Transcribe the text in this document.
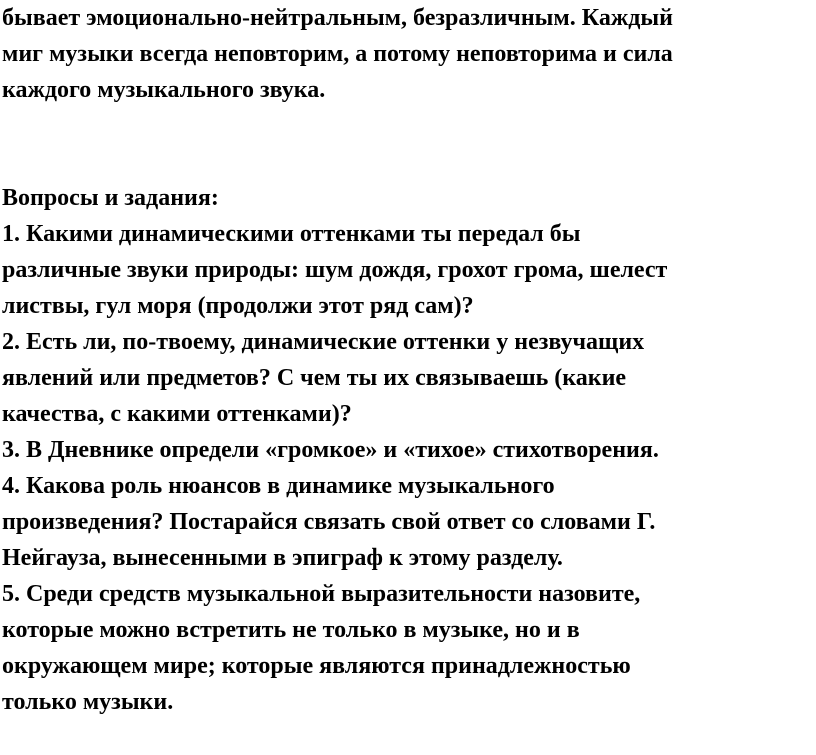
бывает эмоционально-нейтральным, безразличным. Каждый
миг музыки всегда неповторим, а потому неповторима и сила
каждого музыкального звука.
Вопросы и задания:
1. Какими динамическими оттенками ты передал бы
различные звуки природы: шум дождя, грохот грома, шелест
листвы, гул моря (продолжи этот ряд сам)?
2. Есть ли, по-твоему, динамические оттенки у незвучащих
явлений или предметов? С чем ты их связываешь (какие
качества, с какими оттенками)?
3. В Дневнике определи «громкое» и «тихое» стихотворения.
4. Какова роль нюансов в динамике музыкального
произведения? Постарайся связать свой ответ со словами Г.
Нейгауза, вынесенными в эпиграф к этому разделу.
5. Среди средств музыкальной выразительности назовите,
которые можно встретить не только в музыке, но и в
окружающем мире; которые являются принадлежностью
только музыки.
